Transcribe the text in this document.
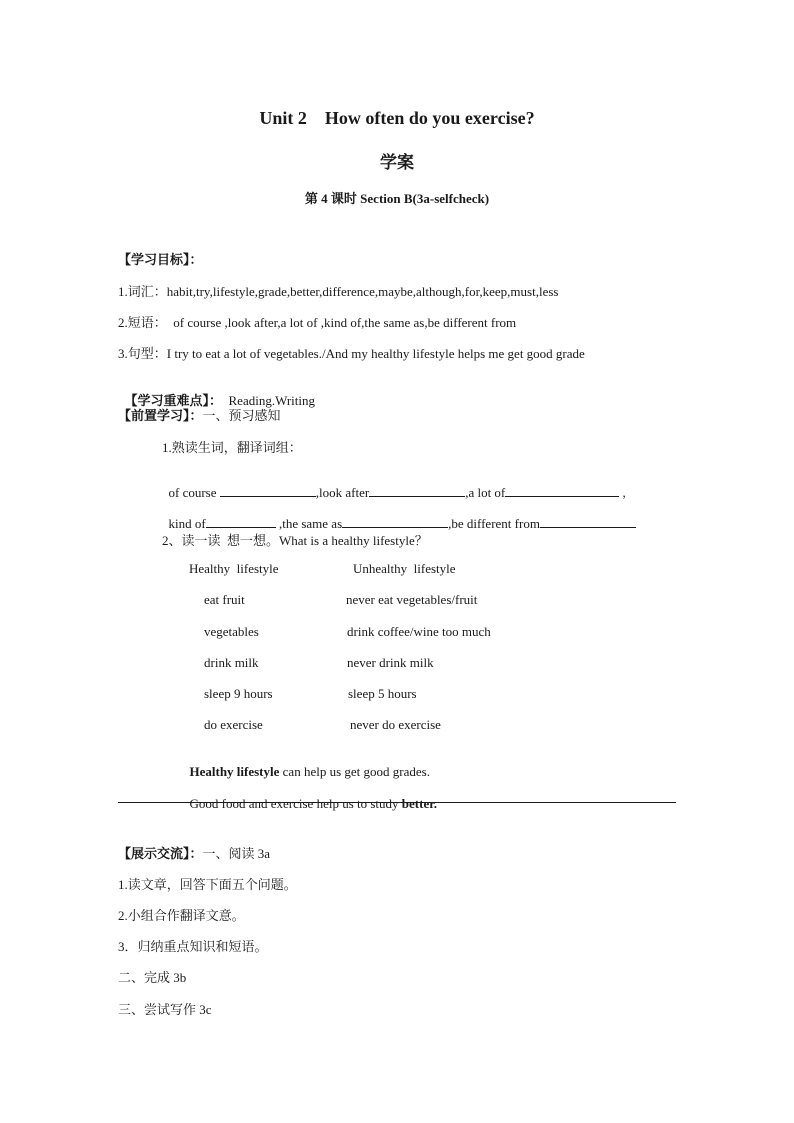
Unit 2    How often do you exercise?
学案
第 4 课时 Section B(3a-selfcheck)
【学习目标】：
1.词汇：habit,try,lifestyle,grade,better,difference,maybe,although,for,keep,must,less
2.短语：  of course ,look after,a lot of ,kind of,the same as,be different from
3.句型：I try to eat a lot of vegetables./And my healthy lifestyle helps me get good grade

【学习重难点】：  Reading.Writing

【前置学习】：一、预习感知
1.熟读生词，翻译词组：

of course	,look after	,a lot of	,

kind of	,the same as	,be different from

2、读一读  想一想。What is a healthy lifestyle？
Healthy  lifestyle	Unhealthy  lifestyle
eat fruit	never eat vegetables/fruit
vegetables	drink coffee/wine too much
drink milk	never drink milk
sleep 9 hours	sleep 5 hours
do exercise	never do exercise

Healthy lifestyle can help us get good grades.

Good food and exercise help us to study better.

【展示交流】：一、阅读 3a
1.读文章，回答下面五个问题。
2.小组合作翻译文意。
3．归纳重点知识和短语。
二、完成 3b
三、尝试写作 3c
